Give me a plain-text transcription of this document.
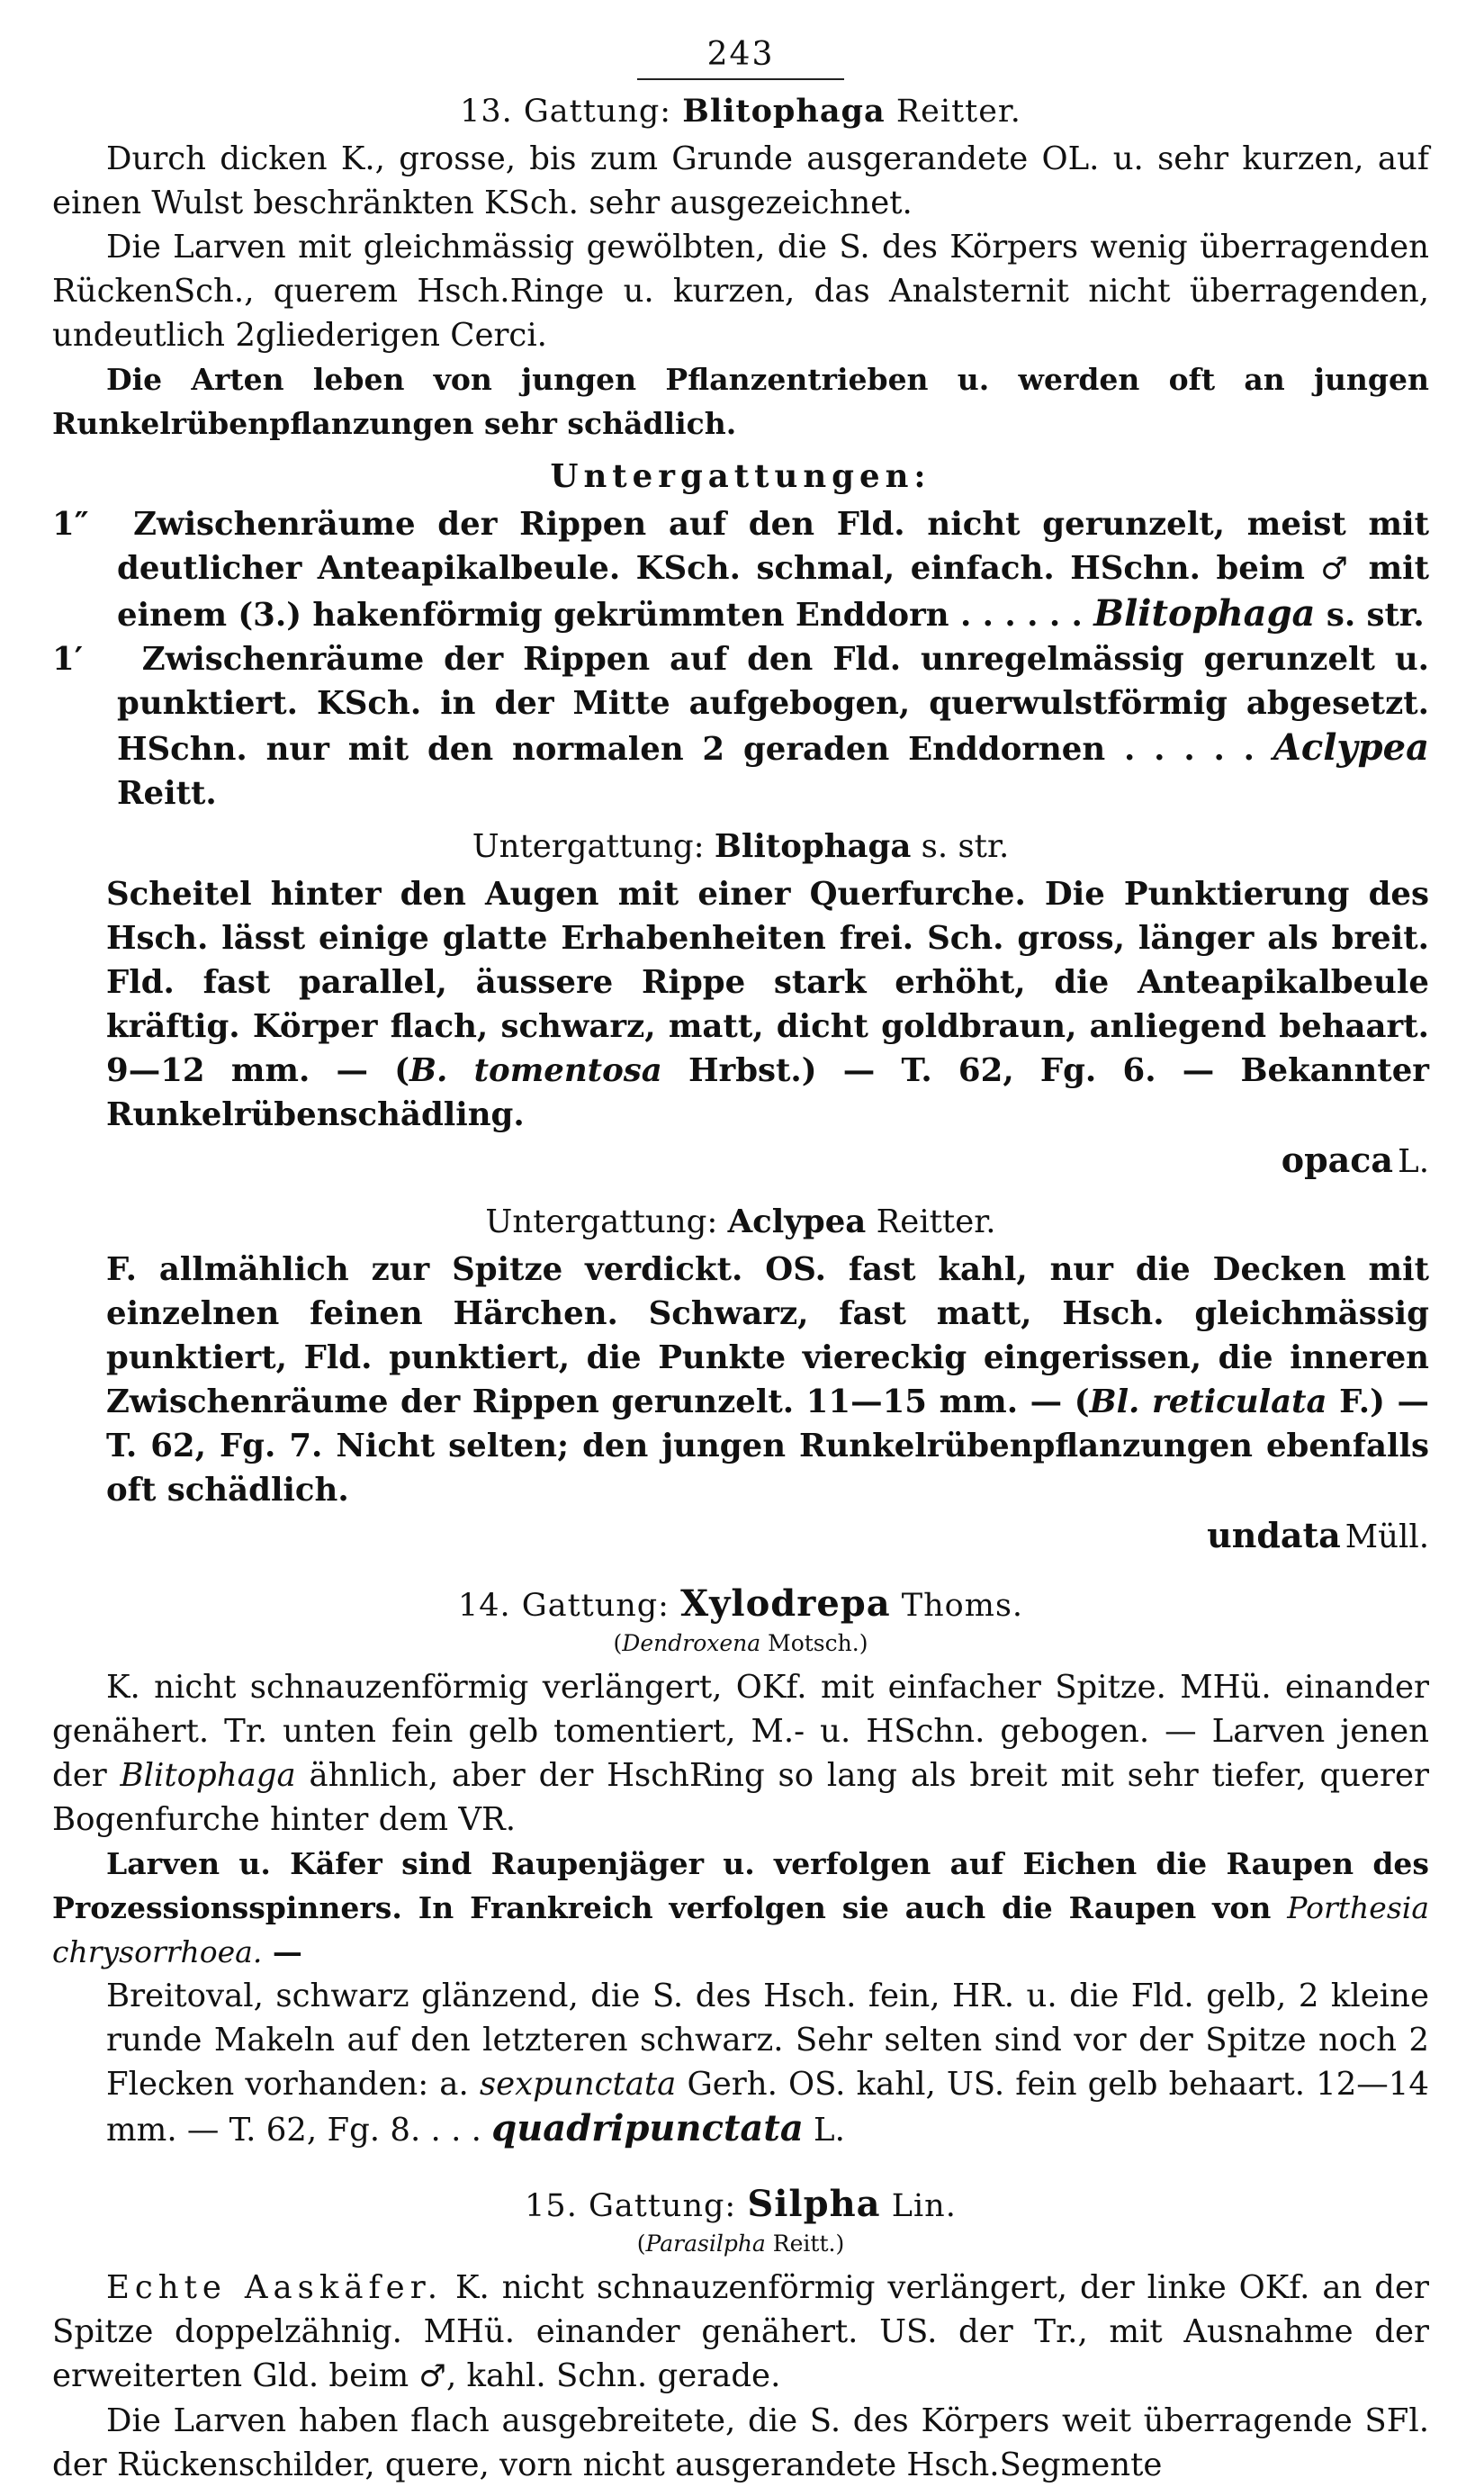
243
13. Gattung: Blitophaga Reitter.

Durch dicken K., grosse, bis zum Grunde ausgerandete OL. u. sehr kurzen, auf einen Wulst beschränkten KSch. sehr ausgezeichnet.

Die Larven mit gleichmässig gewölbten, die S. des Körpers wenig überragenden RückenSch., querem Hsch.Ringe u. kurzen, das Analsternit nicht überragenden, undeutlich 2gliederigen Cerci.

Die Arten leben von jungen Pflanzentrieben u. werden oft an jungen Runkelrübenpflanzungen sehr schädlich.

Untergattungen:

1″ Zwischenräume der Rippen auf den Fld. nicht gerunzelt, meist mit deutlicher Anteapikalbeule. KSch. schmal, einfach. HSchn. beim ♂ mit einem (3.) hakenförmig gekrümmten Enddorn . . . . . . Blitophaga s. str.

1′ Zwischenräume der Rippen auf den Fld. unregelmässig gerunzelt u. punktiert. KSch. in der Mitte aufgebogen, querwulstförmig abgesetzt. HSchn. nur mit den normalen 2 geraden Enddornen . . . . . Aclypea Reitt.

Untergattung: Blitophaga s. str.

Scheitel hinter den Augen mit einer Querfurche. Die Punktierung des Hsch. lässt einige glatte Erhabenheiten frei. Sch. gross, länger als breit. Fld. fast parallel, äussere Rippe stark erhöht, die Anteapikalbeule kräftig. Körper flach, schwarz, matt, dicht goldbraun, anliegend behaart. 9—12 mm. — (B. tomentosa Hrbst.) — T. 62, Fg. 6. — Bekannter Runkelrübenschädling.

opaca L.

Untergattung: Aclypea Reitter.

F. allmählich zur Spitze verdickt. OS. fast kahl, nur die Decken mit einzelnen feinen Härchen. Schwarz, fast matt, Hsch. gleichmässig punktiert, Fld. punktiert, die Punkte viereckig eingerissen, die inneren Zwischenräume der Rippen gerunzelt. 11—15 mm. — (Bl. reticulata F.) — T. 62, Fg. 7. Nicht selten; den jungen Runkelrübenpflanzungen ebenfalls oft schädlich.

undata Müll.

14. Gattung: Xylodrepa Thoms.
(Dendroxena Motsch.)

K. nicht schnauzenförmig verlängert, OKf. mit einfacher Spitze. MHü. einander genähert. Tr. unten fein gelb tomentiert, M.- u. HSchn. gebogen. — Larven jenen der Blitophaga ähnlich, aber der HschRing so lang als breit mit sehr tiefer, querer Bogenfurche hinter dem VR.

Larven u. Käfer sind Raupenjäger u. verfolgen auf Eichen die Raupen des Prozessionsspinners. In Frankreich verfolgen sie auch die Raupen von Porthesia chrysorrhoea. —

Breitoval, schwarz glänzend, die S. des Hsch. fein, HR. u. die Fld. gelb, 2 kleine runde Makeln auf den letzteren schwarz. Sehr selten sind vor der Spitze noch 2 Flecken vorhanden: a. sexpunctata Gerh. OS. kahl, US. fein gelb behaart. 12—14 mm. — T. 62, Fg. 8. . . . quadripunctata L.

15. Gattung: Silpha Lin.
(Parasilpha Reitt.)

Echte Aaskäfer. K. nicht schnauzenförmig verlängert, der linke OKf. an der Spitze doppelzähnig. MHü. einander genähert. US. der Tr., mit Ausnahme der erweiterten Gld. beim ♂, kahl. Schn. gerade.

Die Larven haben flach ausgebreitete, die S. des Körpers weit überragende SFl. der Rückenschilder, quere, vorn nicht ausgerandete Hsch.Segmente
